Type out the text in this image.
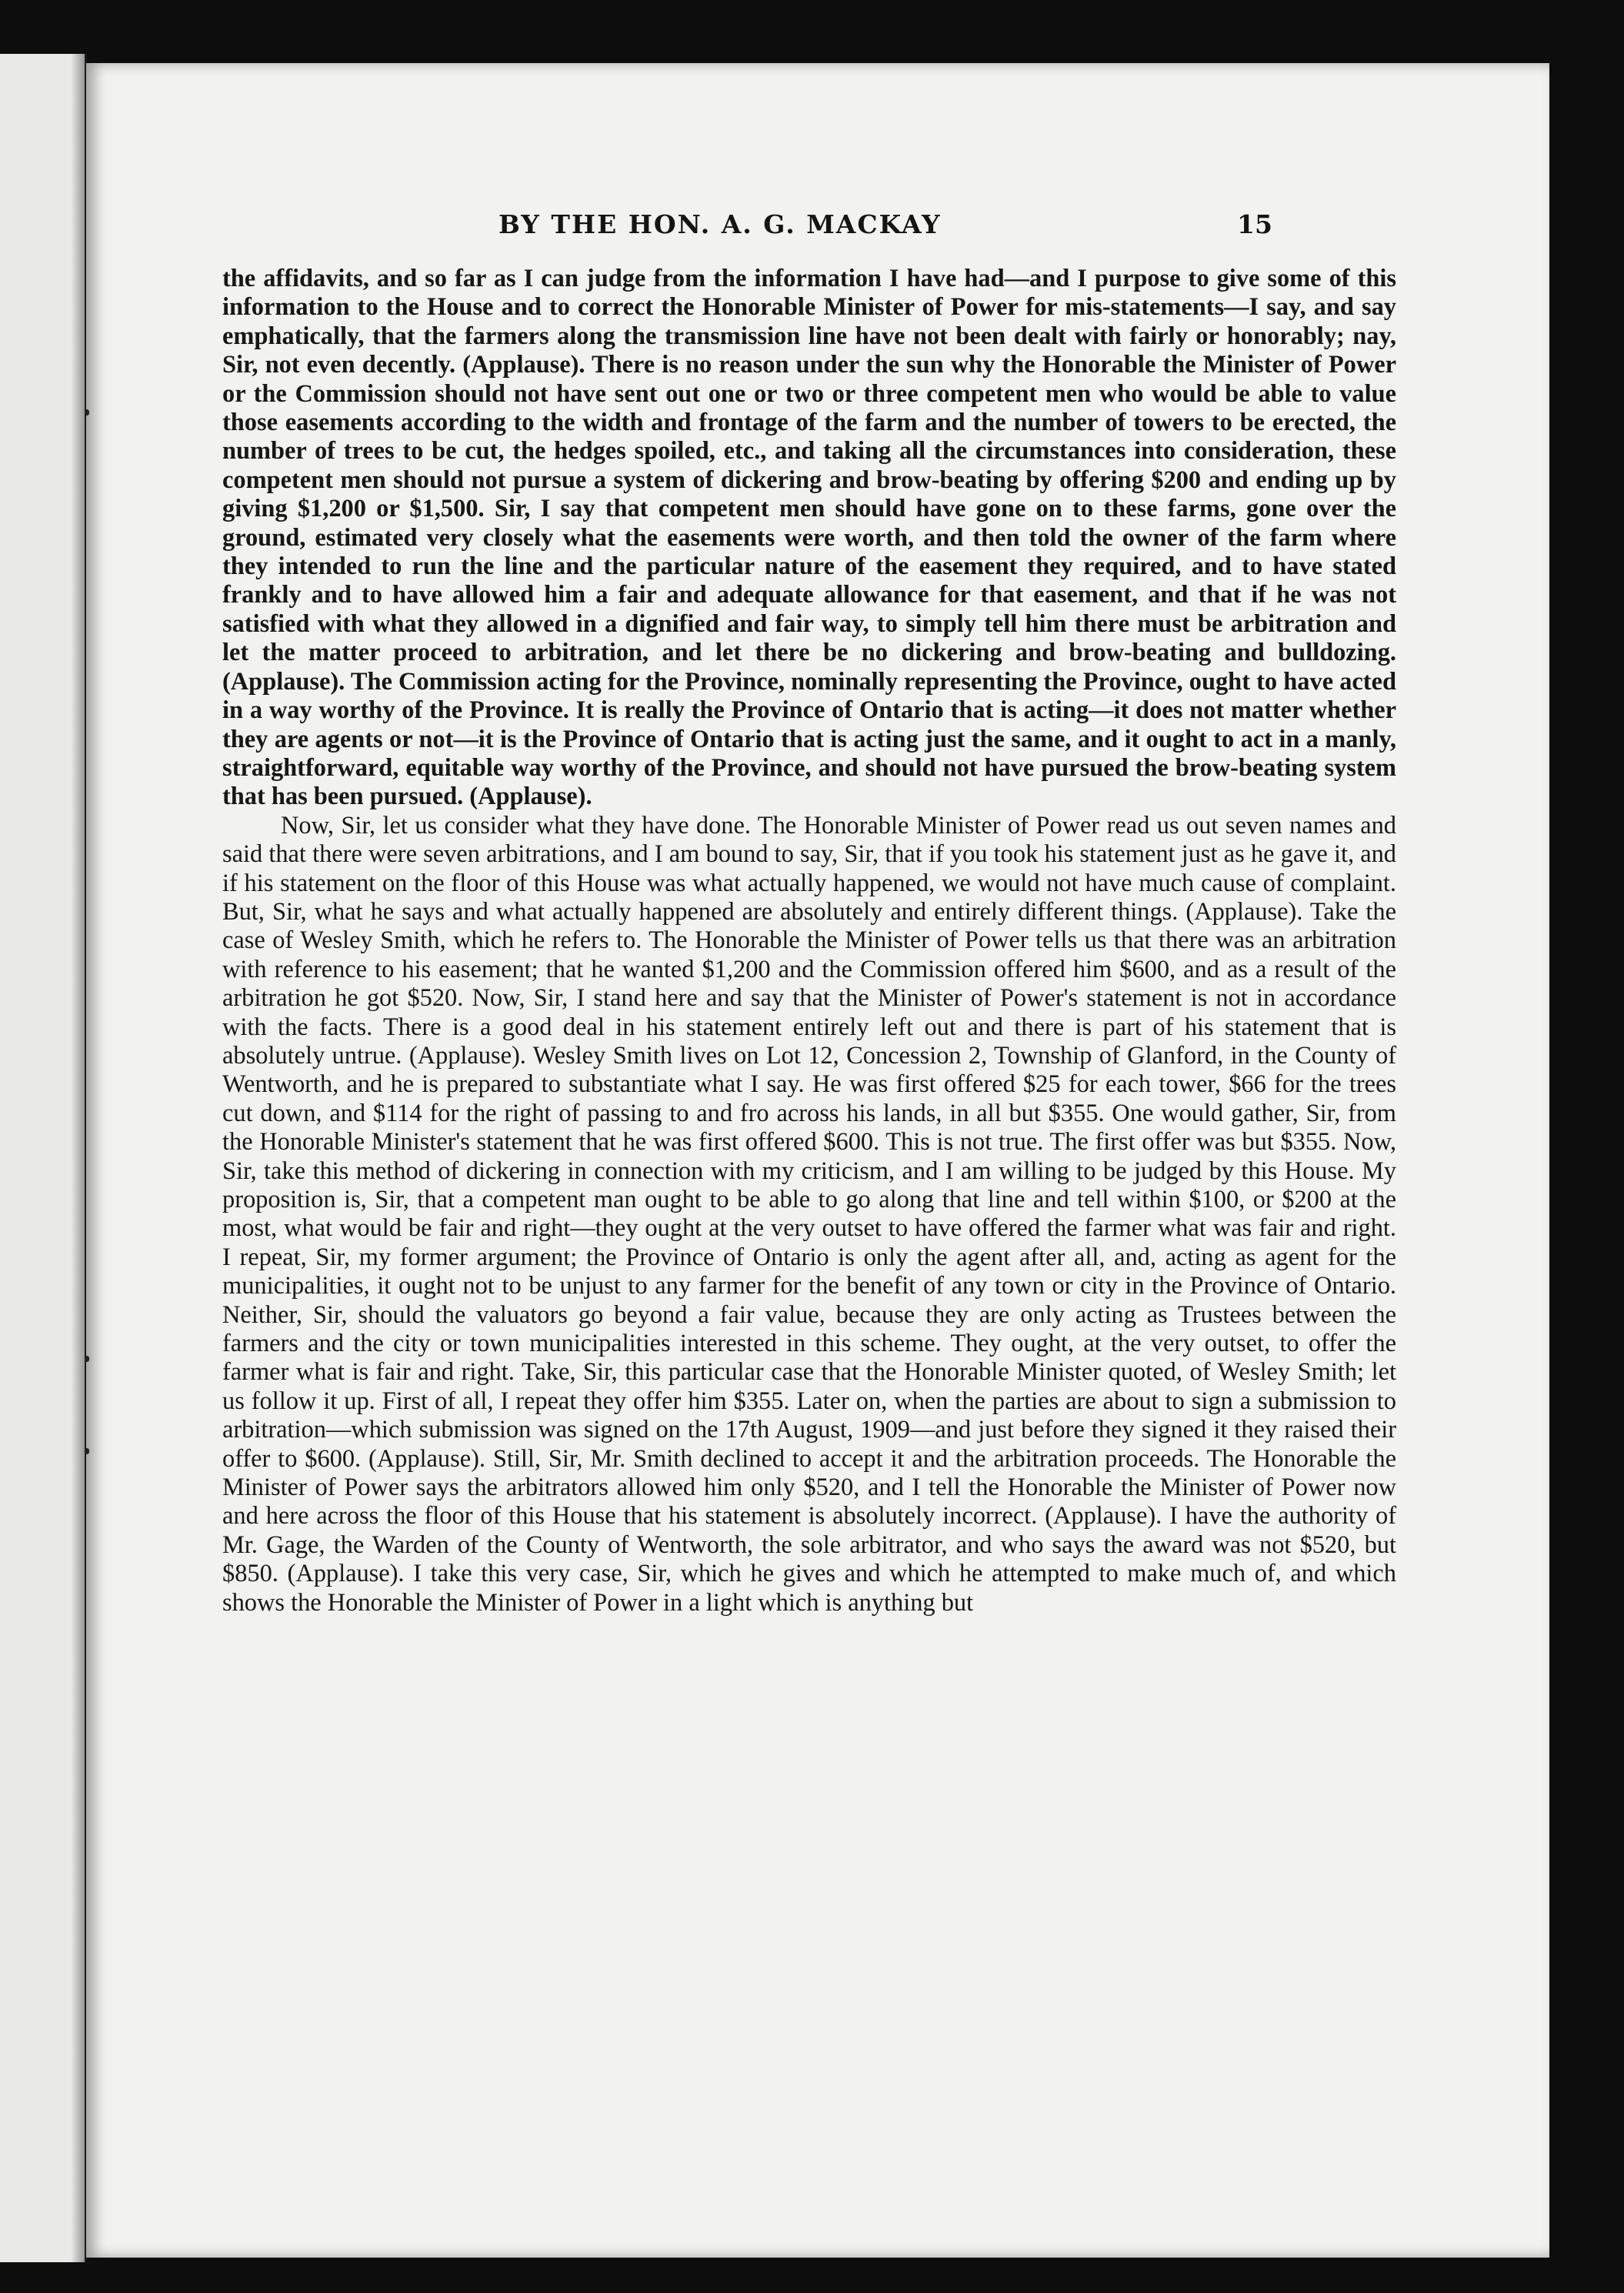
BY THE HON. A. G. MACKAY	15

the affidavits, and so far as I can judge from the information I have had—and I purpose to give some of this information to the House and to correct the Honorable Minister of Power for mis-statements—I say, and say emphatically, that the farmers along the transmission line have not been dealt with fairly or honorably; nay, Sir, not even decently. (Applause). There is no reason under the sun why the Honorable the Minister of Power or the Commission should not have sent out one or two or three competent men who would be able to value those easements according to the width and frontage of the farm and the number of towers to be erected, the number of trees to be cut, the hedges spoiled, etc., and taking all the circumstances into consideration, these competent men should not pursue a system of dickering and brow-beating by offering $200 and ending up by giving $1,200 or $1,500. Sir, I say that competent men should have gone on to these farms, gone over the ground, estimated very closely what the easements were worth, and then told the owner of the farm where they intended to run the line and the particular nature of the easement they required, and to have stated frankly and to have allowed him a fair and adequate allowance for that easement, and that if he was not satisfied with what they allowed in a dignified and fair way, to simply tell him there must be arbitration and let the matter proceed to arbitration, and let there be no dickering and brow-beating and bulldozing. (Applause). The Commission acting for the Province, nominally representing the Province, ought to have acted in a way worthy of the Province. It is really the Province of Ontario that is acting—it does not matter whether they are agents or not—it is the Province of Ontario that is acting just the same, and it ought to act in a manly, straightforward, equitable way worthy of the Province, and should not have pursued the brow-beating system that has been pursued. (Applause).

Now, Sir, let us consider what they have done. The Honorable Minister of Power read us out seven names and said that there were seven arbitrations, and I am bound to say, Sir, that if you took his statement just as he gave it, and if his statement on the floor of this House was what actually happened, we would not have much cause of complaint. But, Sir, what he says and what actually happened are absolutely and entirely different things. (Applause). Take the case of Wesley Smith, which he refers to. The Honorable the Minister of Power tells us that there was an arbitration with reference to his easement; that he wanted $1,200 and the Commission offered him $600, and as a result of the arbitration he got $520. Now, Sir, I stand here and say that the Minister of Power's statement is not in accordance with the facts. There is a good deal in his statement entirely left out and there is part of his statement that is absolutely untrue. (Applause). Wesley Smith lives on Lot 12, Concession 2, Township of Glanford, in the County of Wentworth, and he is prepared to substantiate what I say. He was first offered $25 for each tower, $66 for the trees cut down, and $114 for the right of passing to and fro across his lands, in all but $355. One would gather, Sir, from the Honorable Minister's statement that he was first offered $600. This is not true. The first offer was but $355. Now, Sir, take this method of dickering in connection with my criticism, and I am willing to be judged by this House. My proposition is, Sir, that a competent man ought to be able to go along that line and tell within $100, or $200 at the most, what would be fair and right—they ought at the very outset to have offered the farmer what was fair and right. I repeat, Sir, my former argument; the Province of Ontario is only the agent after all, and, acting as agent for the municipalities, it ought not to be unjust to any farmer for the benefit of any town or city in the Province of Ontario. Neither, Sir, should the valuators go beyond a fair value, because they are only acting as Trustees between the farmers and the city or town municipalities interested in this scheme. They ought, at the very outset, to offer the farmer what is fair and right. Take, Sir, this particular case that the Honorable Minister quoted, of Wesley Smith; let us follow it up. First of all, I repeat they offer him $355. Later on, when the parties are about to sign a submission to arbitration—which submission was signed on the 17th August, 1909—and just before they signed it they raised their offer to $600. (Applause). Still, Sir, Mr. Smith declined to accept it and the arbitration proceeds. The Honorable the Minister of Power says the arbitrators allowed him only $520, and I tell the Honorable the Minister of Power now and here across the floor of this House that his statement is absolutely incorrect. (Applause). I have the authority of Mr. Gage, the Warden of the County of Wentworth, the sole arbitrator, and who says the award was not $520, but $850. (Applause). I take this very case, Sir, which he gives and which he attempted to make much of, and which shows the Honorable the Minister of Power in a light which is anything but
